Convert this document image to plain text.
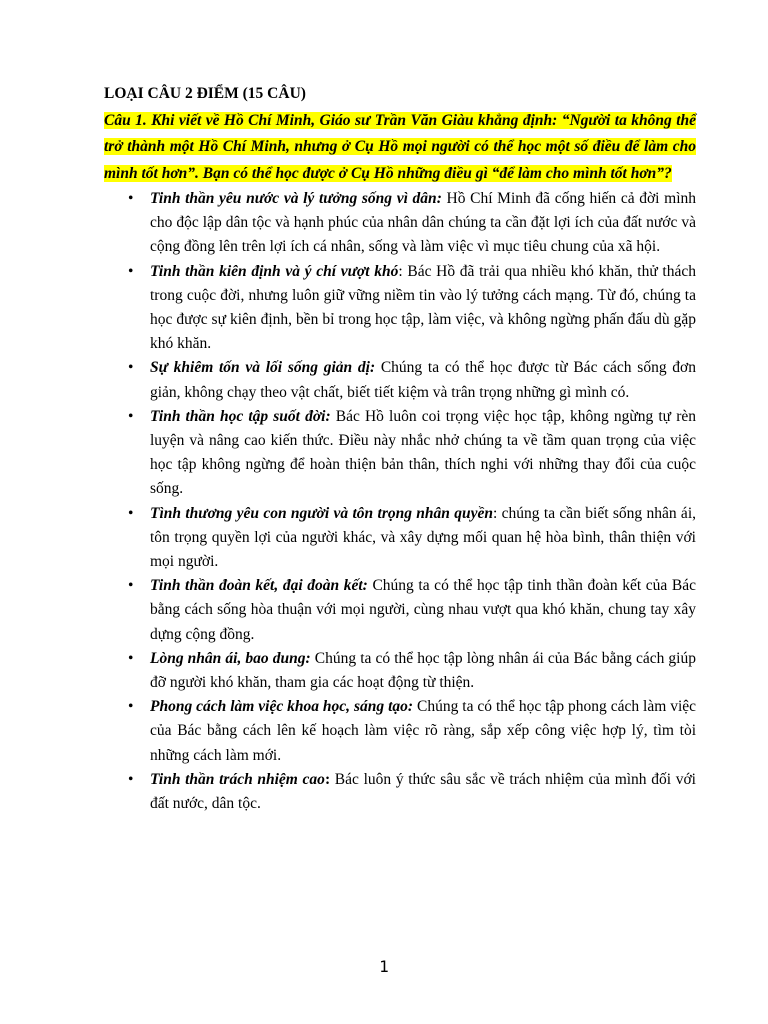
LOẠI CÂU 2 ĐIỂM (15 CÂU)

Câu 1. Khi viết về Hồ Chí Minh, Giáo sư Trần Văn Giàu khẳng định: “Người ta không thể trở thành một Hồ Chí Minh, nhưng ở Cụ Hồ mọi người có thể học một số điều để làm cho mình tốt hơn”. Bạn có thể học được ở Cụ Hồ những điều gì “để làm cho mình tốt hơn”?

• Tinh thần yêu nước và lý tưởng sống vì dân: Hồ Chí Minh đã cống hiến cả đời mình cho độc lập dân tộc và hạnh phúc của nhân dân chúng ta cần đặt lợi ích của đất nước và cộng đồng lên trên lợi ích cá nhân, sống và làm việc vì mục tiêu chung của xã hội.
• Tinh thần kiên định và ý chí vượt khó: Bác Hồ đã trải qua nhiều khó khăn, thử thách trong cuộc đời, nhưng luôn giữ vững niềm tin vào lý tưởng cách mạng. Từ đó, chúng ta học được sự kiên định, bền bỉ trong học tập, làm việc, và không ngừng phấn đấu dù gặp khó khăn.
• Sự khiêm tốn và lối sống giản dị: Chúng ta có thể học được từ Bác cách sống đơn giản, không chạy theo vật chất, biết tiết kiệm và trân trọng những gì mình có.
• Tinh thần học tập suốt đời: Bác Hồ luôn coi trọng việc học tập, không ngừng tự rèn luyện và nâng cao kiến thức. Điều này nhắc nhở chúng ta về tầm quan trọng của việc học tập không ngừng để hoàn thiện bản thân, thích nghi với những thay đổi của cuộc sống.
• Tình thương yêu con người và tôn trọng nhân quyền: chúng ta cần biết sống nhân ái, tôn trọng quyền lợi của người khác, và xây dựng mối quan hệ hòa bình, thân thiện với mọi người.
• Tinh thần đoàn kết, đại đoàn kết: Chúng ta có thể học tập tinh thần đoàn kết của Bác bằng cách sống hòa thuận với mọi người, cùng nhau vượt qua khó khăn, chung tay xây dựng cộng đồng.
• Lòng nhân ái, bao dung: Chúng ta có thể học tập lòng nhân ái của Bác bằng cách giúp đỡ người khó khăn, tham gia các hoạt động từ thiện.
• Phong cách làm việc khoa học, sáng tạo: Chúng ta có thể học tập phong cách làm việc của Bác bằng cách lên kế hoạch làm việc rõ ràng, sắp xếp công việc hợp lý, tìm tòi những cách làm mới.
• Tinh thần trách nhiệm cao: Bác luôn ý thức sâu sắc về trách nhiệm của mình đối với đất nước, dân tộc.
1
